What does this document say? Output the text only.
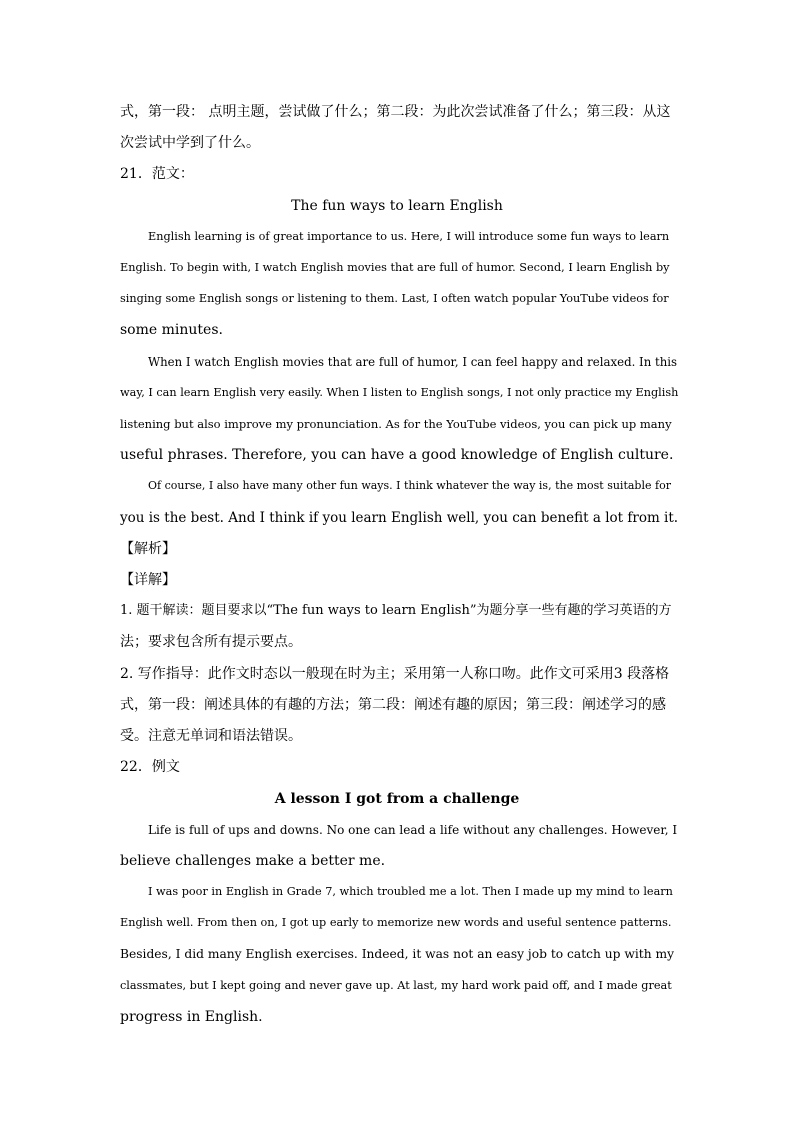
式，第一段： 点明主题，尝试做了什么；第二段：为此次尝试准备了什么；第三段：从这

次尝试中学到了什么。

21．范文：

The fun ways to learn English

English learning is of great importance to us. Here, I will introduce some fun ways to learn

English. To begin with, I watch English movies that are full of humor. Second, I learn English by

singing some English songs or listening to them. Last, I often watch popular YouTube videos for

some minutes.

When I watch English movies that are full of humor, I can feel happy and relaxed. In this

way, I can learn English very easily. When I listen to English songs, I not only practice my English

listening but also improve my pronunciation. As for the YouTube videos, you can pick up many

useful phrases. Therefore, you can have a good knowledge of English culture.

Of course, I also have many other fun ways. I think whatever the way is, the most suitable for

you is the best. And I think if you learn English well, you can benefit a lot from it.

【解析】

【详解】

1. 题干解读：题目要求以“The fun ways to learn English”为题分享一些有趣的学习英语的方

法；要求包含所有提示要点。

2. 写作指导：此作文时态以一般现在时为主；采用第一人称口吻。此作文可采用3 段落格

式，第一段：阐述具体的有趣的方法；第二段：阐述有趣的原因；第三段：阐述学习的感

受。注意无单词和语法错误。

22．例文

A lesson I got from a challenge

Life is full of ups and downs. No one can lead a life without any challenges. However, I

believe challenges make a better me.

I was poor in English in Grade 7, which troubled me a lot. Then I made up my mind to learn

English well. From then on, I got up early to memorize new words and useful sentence patterns.

Besides, I did many English exercises. Indeed, it was not an easy job to catch up with my

classmates, but I kept going and never gave up. At last, my hard work paid off, and I made great

progress in English.
